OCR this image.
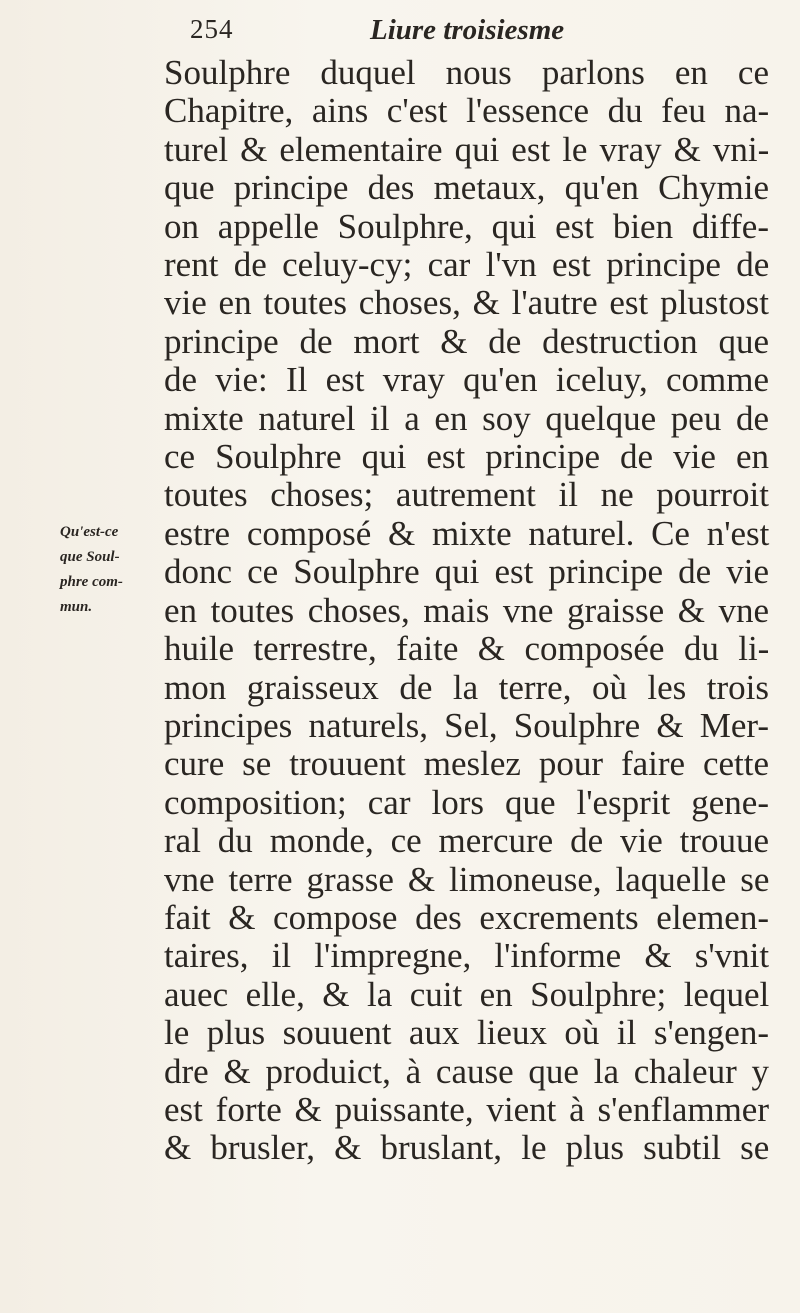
254	Liure troisiesme
Qu'est-ce
que Soul-
phre com-
mun.
Soulphre duquel nous parlons en ce
Chapitre, ains c'est l'essence du feu na-
turel & elementaire qui est le vray & vni-
que principe des metaux, qu'en Chymie
on appelle Soulphre, qui est bien diffe-
rent de celuy-cy; car l'vn est principe de
vie en toutes choses, & l'autre est plustost
principe de mort & de destruction que
de vie: Il est vray qu'en iceluy, comme
mixte naturel il a en soy quelque peu de
ce Soulphre qui est principe de vie en
toutes choses; autrement il ne pourroit
estre composé & mixte naturel. Ce n'est
donc ce Soulphre qui est principe de vie
en toutes choses, mais vne graisse & vne
huile terrestre, faite & composée du li-
mon graisseux de la terre, où les trois
principes naturels, Sel, Soulphre & Mer-
cure se trouuent meslez pour faire cette
composition; car lors que l'esprit gene-
ral du monde, ce mercure de vie trouue
vne terre grasse & limoneuse, laquelle se
fait & compose des excrements elemen-
taires, il l'impregne, l'informe & s'vnit
auec elle, & la cuit en Soulphre; lequel
le plus souuent aux lieux où il s'engen-
dre & produict, à cause que la chaleur y
est forte & puissante, vient à s'enflammer
& brusler, & bruslant, le plus subtil se
